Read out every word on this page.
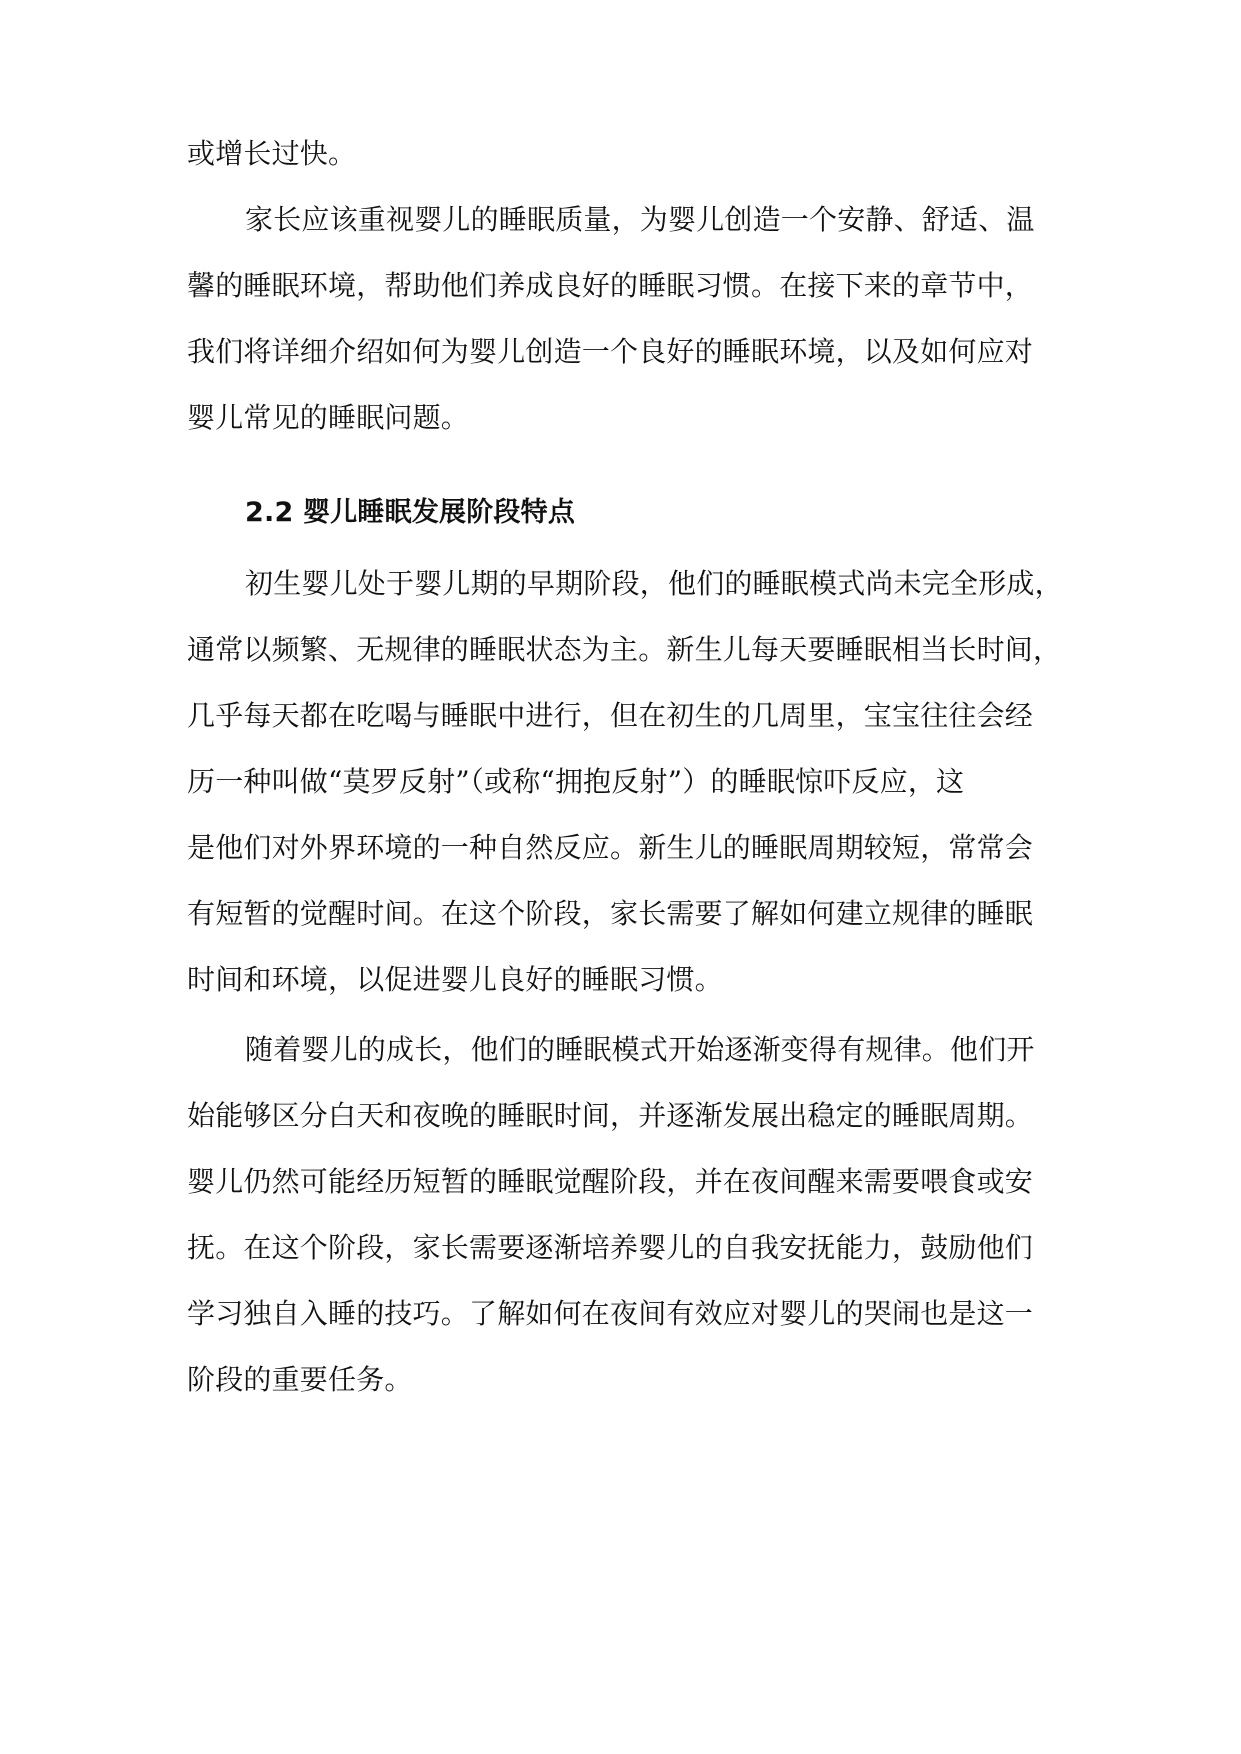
或增长过快。
家长应该重视婴儿的睡眠质量，为婴儿创造一个安静、舒适、温
馨的睡眠环境，帮助他们养成良好的睡眠习惯。在接下来的章节中，
我们将详细介绍如何为婴儿创造一个良好的睡眠环境，以及如何应对
婴儿常见的睡眠问题。
2.2 婴儿睡眠发展阶段特点
初生婴儿处于婴儿期的早期阶段，他们的睡眠模式尚未完全形成，
通常以频繁、无规律的睡眠状态为主。新生儿每天要睡眠相当长时间，
几乎每天都在吃喝与睡眠中进行，但在初生的几周里，宝宝往往会经
历一种叫做“莫罗反射”（或称“拥抱反射”）的睡眠惊吓反应，这
是他们对外界环境的一种自然反应。新生儿的睡眠周期较短，常常会
有短暂的觉醒时间。在这个阶段，家长需要了解如何建立规律的睡眠
时间和环境，以促进婴儿良好的睡眠习惯。
随着婴儿的成长，他们的睡眠模式开始逐渐变得有规律。他们开
始能够区分白天和夜晚的睡眠时间，并逐渐发展出稳定的睡眠周期。
婴儿仍然可能经历短暂的睡眠觉醒阶段，并在夜间醒来需要喂食或安
抚。在这个阶段，家长需要逐渐培养婴儿的自我安抚能力，鼓励他们
学习独自入睡的技巧。了解如何在夜间有效应对婴儿的哭闹也是这一
阶段的重要任务。
